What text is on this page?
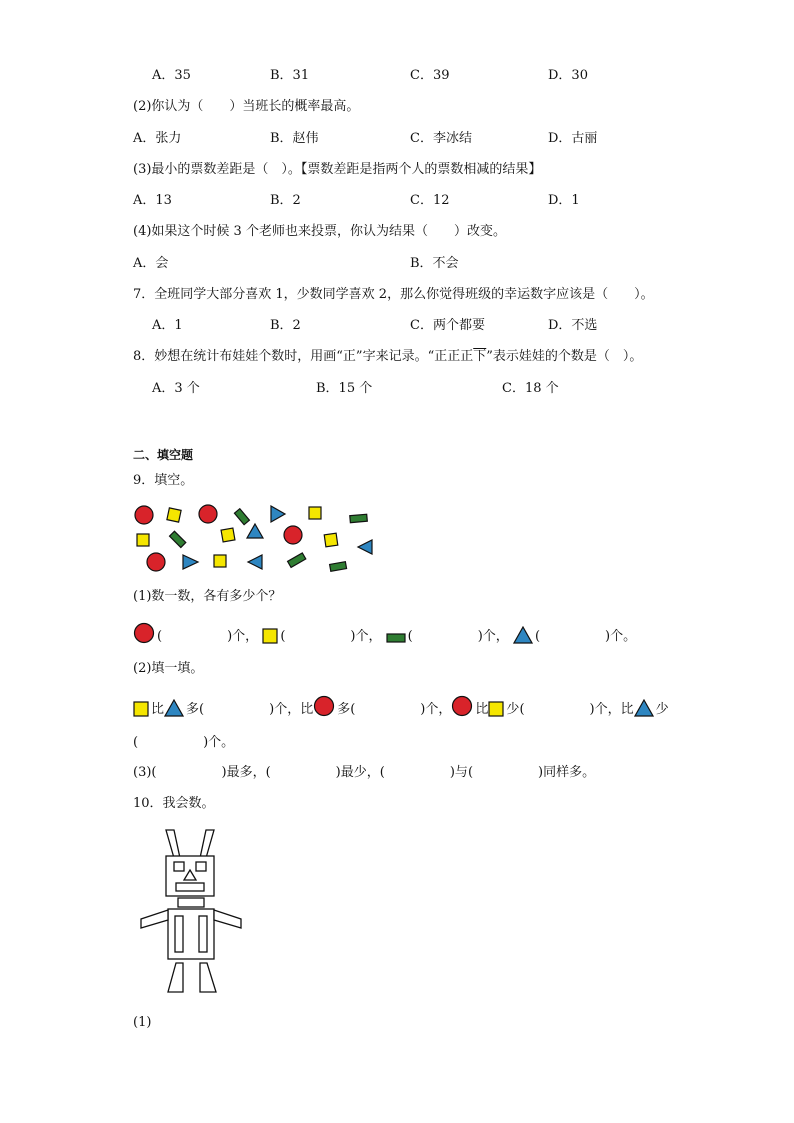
A．35	B．31	C．39	D．30
(2)你认为（　　）当班长的概率最高。
A．张力	B．赵伟	C．李冰结	D．古丽
(3)最小的票数差距是（　）。【票数差距是指两个人的票数相减的结果】
A．13	B．2	C．12	D．1
(4)如果这个时候 3 个老师也来投票，你认为结果（　　）改变。
A．会	B．不会
7．全班同学大部分喜欢 1，少数同学喜欢 2，那么你觉得班级的幸运数字应该是（　　）。
A．1	B．2	C．两个都要	D．不选
8．妙想在统计布娃娃个数时，用画“正”字来记录。“正正正下”表示娃娃的个数是（　）。
A．3 个	B．15 个	C．18 个
二、填空题
9．填空。
(1)数一数，各有多少个？
(　　　　　)个， (　　　　　)个， (　　　　　)个， (　　　　　)个。
(2)填一填。
比 多(　　　　　)个，比 多(　　　　　)个， 比 少(　　　　　)个，比 少
(　　　　　)个。
(3)(　　　　　)最多，(　　　　　)最少，(　　　　　)与(　　　　　)同样多。
10．我会数。
(1)
